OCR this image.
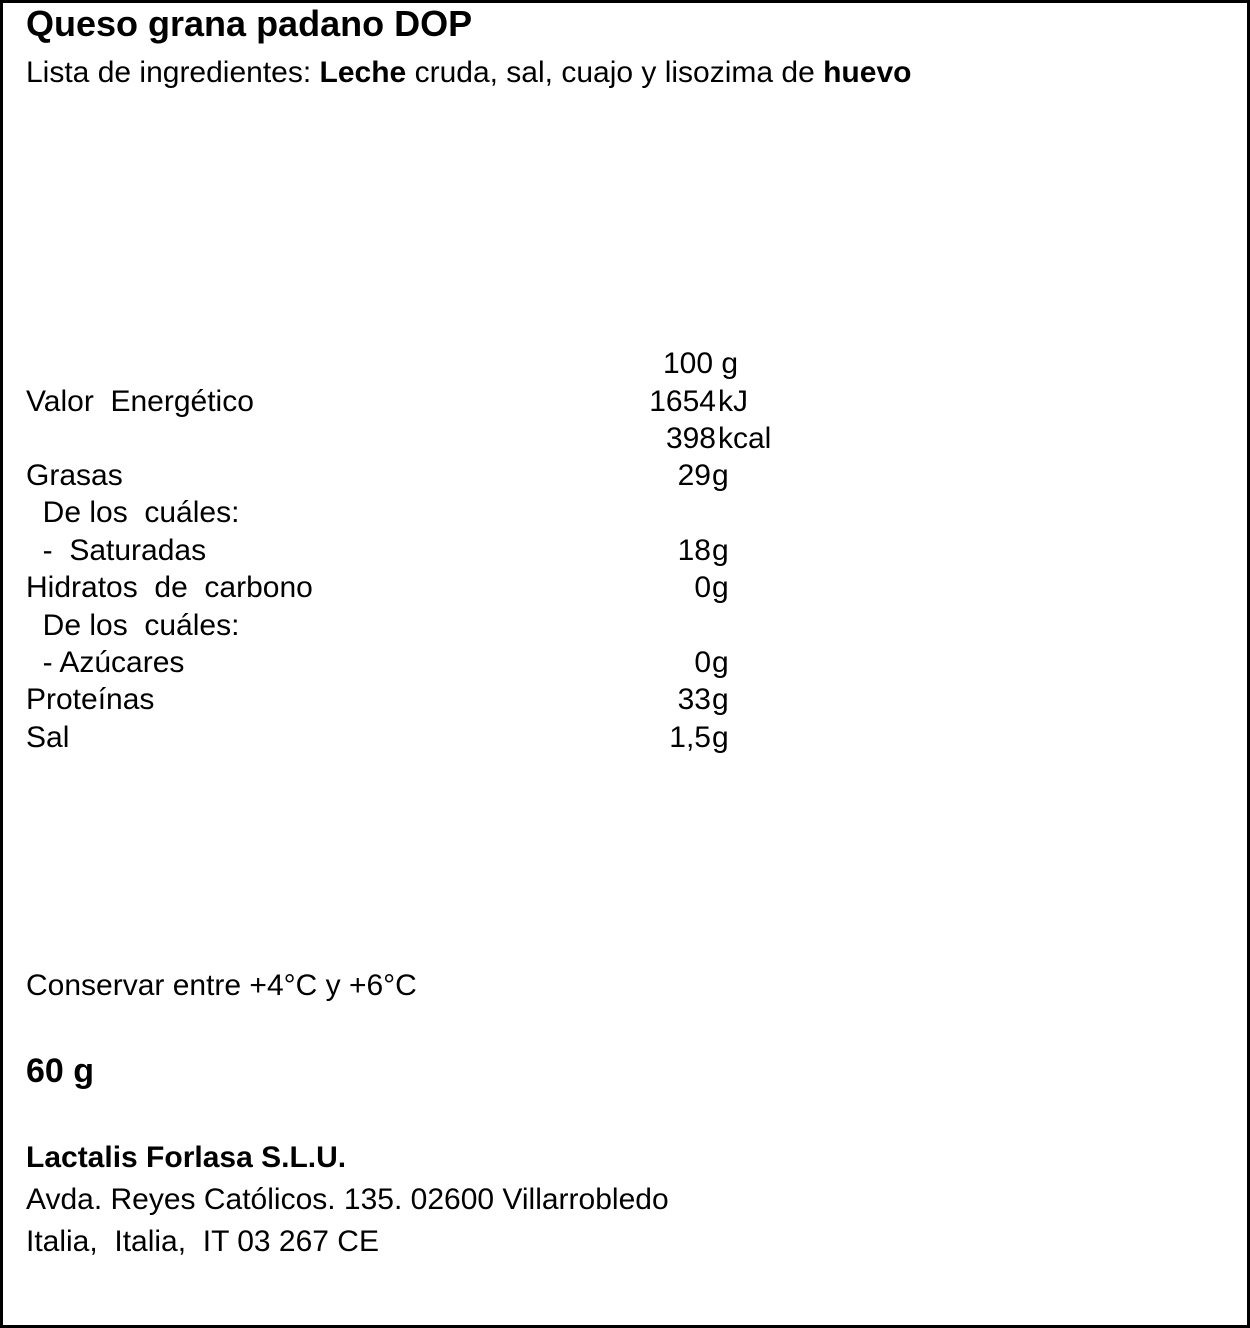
Queso grana padano DOP
Lista de ingredientes: Leche cruda, sal, cuajo y lisozima de huevo
100 g
Valor  Energético	1654 kJ
398 kcal
Grasas	29 g
De los  cuáles:
-  Saturadas	18 g
Hidratos  de  carbono	0 g
De los  cuáles:
- Azúcares	0 g
Proteínas	33 g
Sal	1,5 g
Conservar entre +4°C y +6°C
60 g
Lactalis Forlasa S.L.U.
Avda. Reyes Católicos. 135. 02600 Villarrobledo
Italia,  Italia,  IT 03 267 CE
